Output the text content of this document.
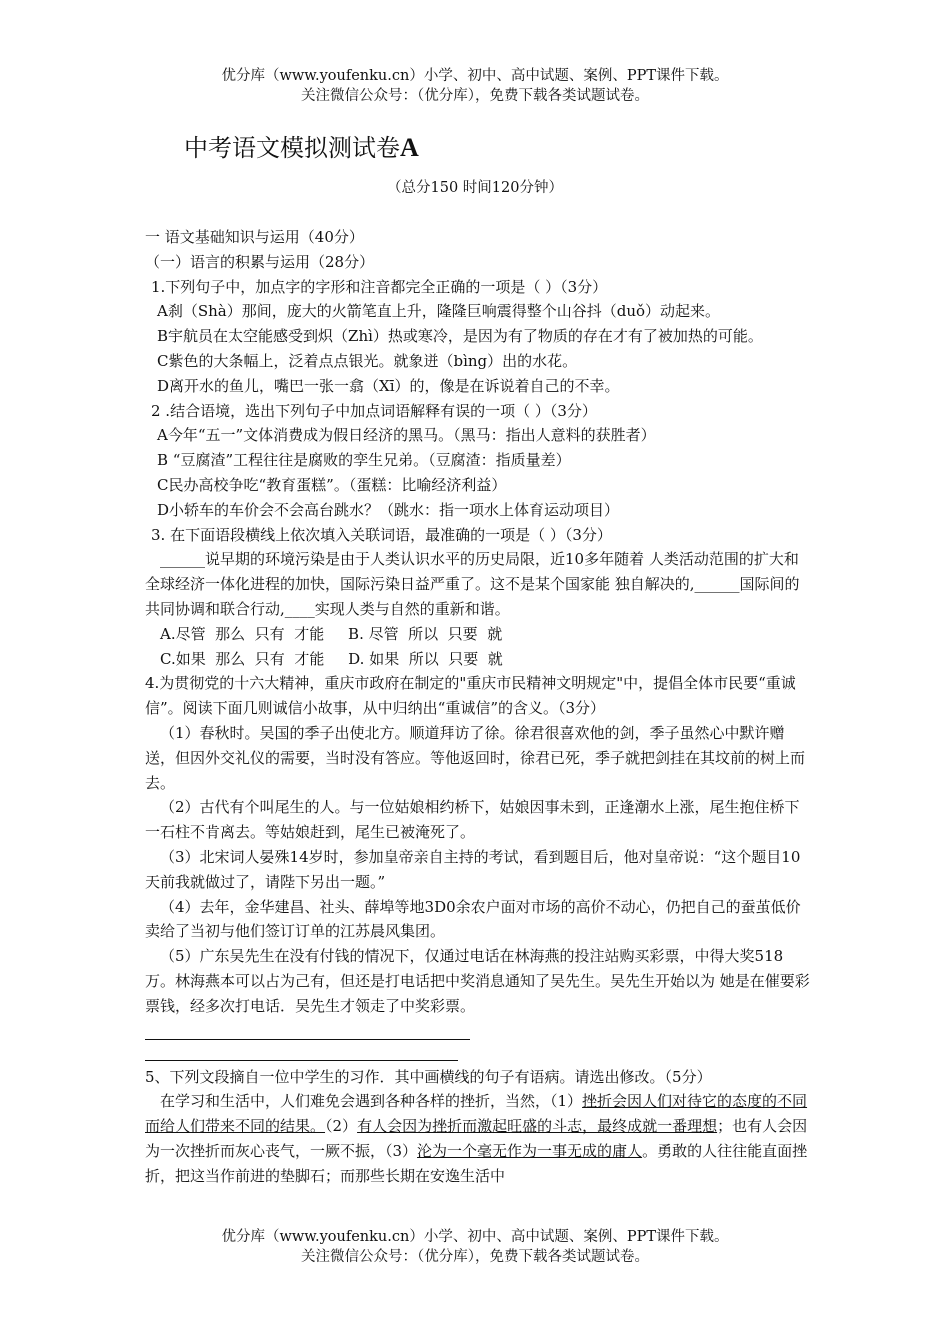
优分库（www.youfenku.cn）小学、初中、高中试题、案例、PPT课件下载。
关注微信公众号：（优分库），免费下载各类试题试卷。
中考语文模拟测试卷A
（总分150 时间120分钟）

一 语文基础知识与运用（40分）

（一）语言的积累与运用（28分）

1.下列句子中，加点字的字形和注音都完全正确的一项是（ ）（3分）

A刹（Shà）那间，庞大的火箭笔直上升，隆隆巨响震得整个山谷抖（duǒ）动起来。

B宇航员在太空能感受到炽（Zhì）热或寒冷，是因为有了物质的存在才有了被加热的可能。

C紫色的大条幅上，泛着点点银光。就象迸（bìng）出的水花。

D离开水的鱼儿，嘴巴一张一翕（Xī）的，像是在诉说着自己的不幸。

2 .结合语境，选出下列句子中加点词语解释有误的一项（ ）（3分）

A今年“五一”文体消费成为假日经济的黑马。（黑马：指出人意料的获胜者）

B “豆腐渣”工程往往是腐败的孪生兄弟。（豆腐渣：指质量差）

C民办高校争吃“教育蛋糕”。（蛋糕：比喻经济利益）

D小轿车的车价会不会高台跳水？（跳水：指一项水上体育运动项目）

3. 在下面语段横线上依次填入关联词语，最准确的一项是（ ）（3分）

______说早期的环境污染是由于人类认识水平的历史局限，近10多年随着 人类活动范围的扩大和全球经济一体化进程的加快，国际污染日益严重了。这不是某个国家能 独自解决的,______国际间的共同协调和联合行动,____实现人类与自然的重新和谐。

A.尽管  那么  只有  才能     B. 尽管  所以  只要  就

C.如果  那么  只有  才能     D. 如果  所以  只要  就

4.为贯彻党的十六大精神，重庆市政府在制定的"重庆市民精神文明规定"中，提倡全体市民要“重诚信”。阅读下面几则诚信小故事，从中归纳出“重诚信”的含义。（3分）

（1）春秋时。吴国的季子出使北方。顺道拜访了徐。徐君很喜欢他的剑，季子虽然心中默许赠送，但因外交礼仪的需要，当时没有答应。等他返回时，徐君已死，季子就把剑挂在其坟前的树上而去。

（2）古代有个叫尾生的人。与一位姑娘相约桥下，姑娘因事未到，正逢潮水上涨，尾生抱住桥下一石柱不肯离去。等姑娘赶到，尾生已被淹死了。

（3）北宋词人晏殊14岁时，参加皇帝亲自主持的考试，看到题目后，他对皇帝说：“这个题目10天前我就做过了，请陛下另出一题。”

（4）去年，金华建昌、社头、薛埠等地3D0余农户面对市场的高价不动心，仍把自己的蚕茧低价卖给了当初与他们签订订单的江苏晨风集团。

（5）广东吴先生在没有付钱的情况下，仅通过电话在林海燕的投注站购买彩票，中得大奖518万。林海燕本可以占为己有，但还是打电话把中奖消息通知了吴先生。吴先生开始以为 她是在催要彩票钱，经多次打电话．吴先生才领走了中奖彩票。

5、下列文段摘自一位中学生的习作．其中画横线的句子有语病。请选出修改。（5分）

在学习和生活中，人们难免会遇到各种各样的挫折，当然，（1）挫折会因人们对待它的态度的不同而给人们带来不同的结果。（2）有人会因为挫折而激起旺盛的斗志，最终成就一番理想；也有人会因为一次挫折而灰心丧气，一厥不振，（3）沦为一个毫无作为一事无成的庸人。勇敢的人往往能直面挫折，把这当作前进的垫脚石；而那些长期在安逸生活中

优分库（www.youfenku.cn）小学、初中、高中试题、案例、PPT课件下载。
关注微信公众号：（优分库），免费下载各类试题试卷。
